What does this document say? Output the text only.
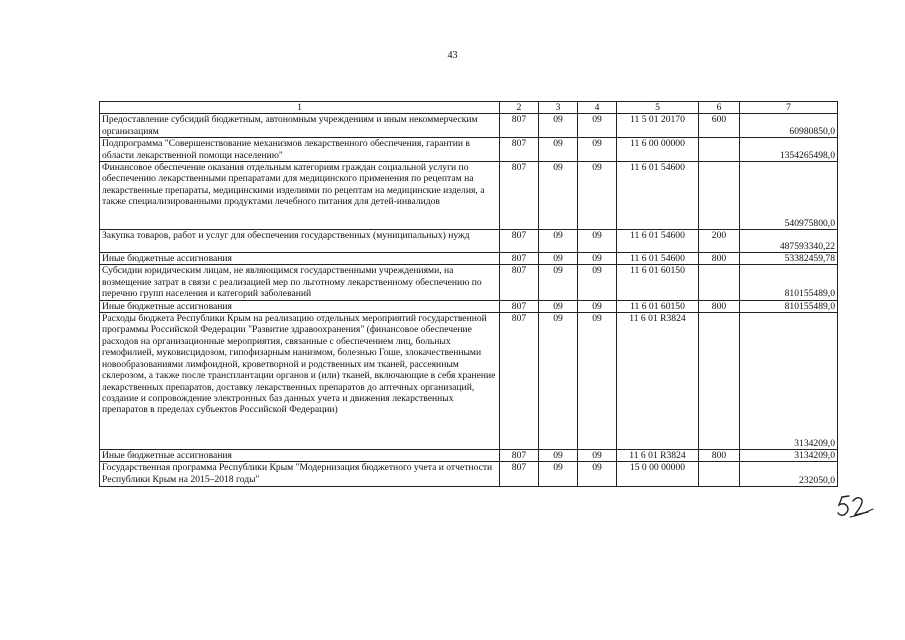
43
1	2	3	4	5	6	7
Предоставление субсидий бюджетным, автономным учреждениям и иным некоммерческим организациям	807	09	09	11 5 01 20170	600	60980850,0
Подпрограмма "Совершенствование механизмов лекарственного обеспечения, гарантии в области лекарственной помощи населению"	807	09	09	11 6 00 00000		1354265498,0
Финансовое обеспечение оказания отдельным категориям граждан социальной услуги по обеспечению лекарственными препаратами для медицинского применения по рецептам на лекарственные препараты, медицинскими изделиями по рецептам на медицинские изделия, а также специализированными продуктами лечебного питания для детей-инвалидов	807	09	09	11 6 01 54600		540975800,0
Закупка товаров, работ и услуг для обеспечения государственных (муниципальных) нужд	807	09	09	11 6 01 54600	200	487593340,22
Иные бюджетные ассигнования	807	09	09	11 6 01 54600	800	53382459,78
Субсидии юридическим лицам, не являющимся государственными учреждениями, на возмещение затрат в связи с реализацией мер по льготному лекарственному обеспечению по перечню групп населения и категорий заболеваний	807	09	09	11 6 01 60150		810155489,0
Иные бюджетные ассигнования	807	09	09	11 6 01 60150	800	810155489,0
Расходы бюджета Республики Крым на реализацию отдельных мероприятий государственной программы Российской Федерации "Развитие здравоохранения" (финансовое обеспечение расходов на организационные мероприятия, связанные с обеспечением лиц, больных гемофилией, муковисцидозом, гипофизарным нанизмом, болезнью Гоше, злокачественными новообразованиями лимфоидной, кроветворной и родственных им тканей, рассеянным склерозом, а также после трансплантации органов и (или) тканей, включающие в себя хранение лекарственных препаратов, доставку лекарственных препаратов до аптечных организаций, создание и сопровождение электронных баз данных учета и движения лекарственных препаратов в пределах субъектов Российской Федерации)	807	09	09	11 6 01 R3824		3134209,0
Иные бюджетные ассигнования	807	09	09	11 6 01 R3824	800	3134209,0
Государственная программа Республики Крым "Модернизация бюджетного учета и отчетности Республики Крым на 2015–2018 годы"	807	09	09	15 0 00 00000		232050,0
